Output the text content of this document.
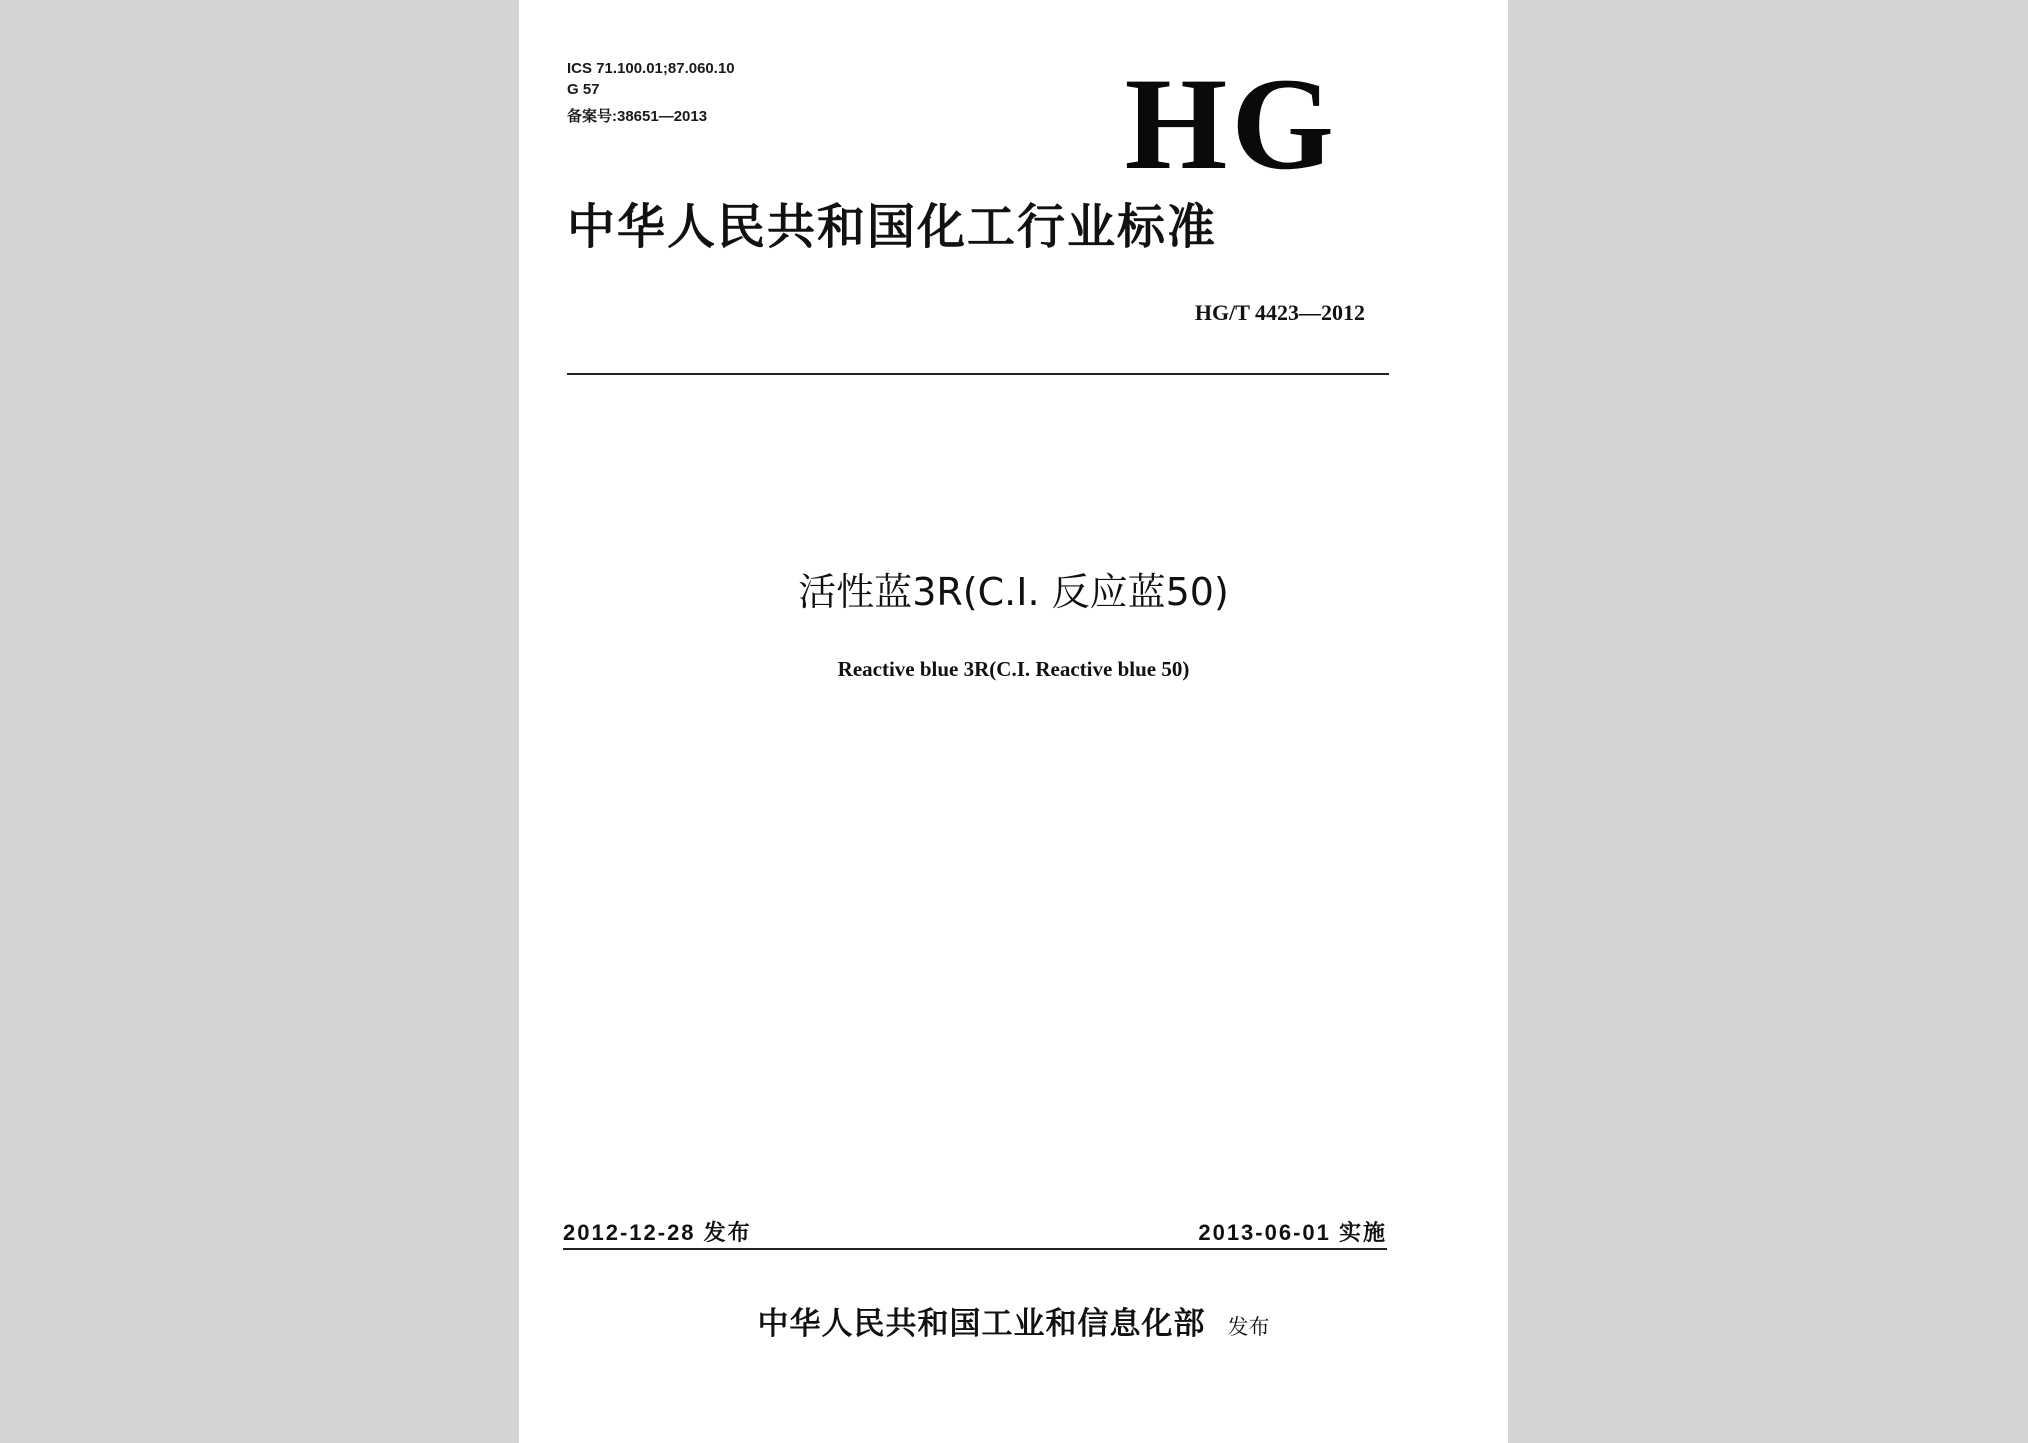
ICS 71.100.01;87.060.10
G 57
备案号:38651—2013	HG
中华人民共和国化工行业标准
HG/T 4423—2012
活性蓝3R(C.I. 反应蓝50)
Reactive blue 3R(C.I. Reactive blue 50)
2012-12-28 发布	2013-06-01 实施
中华人民共和国工业和信息化部 发布
